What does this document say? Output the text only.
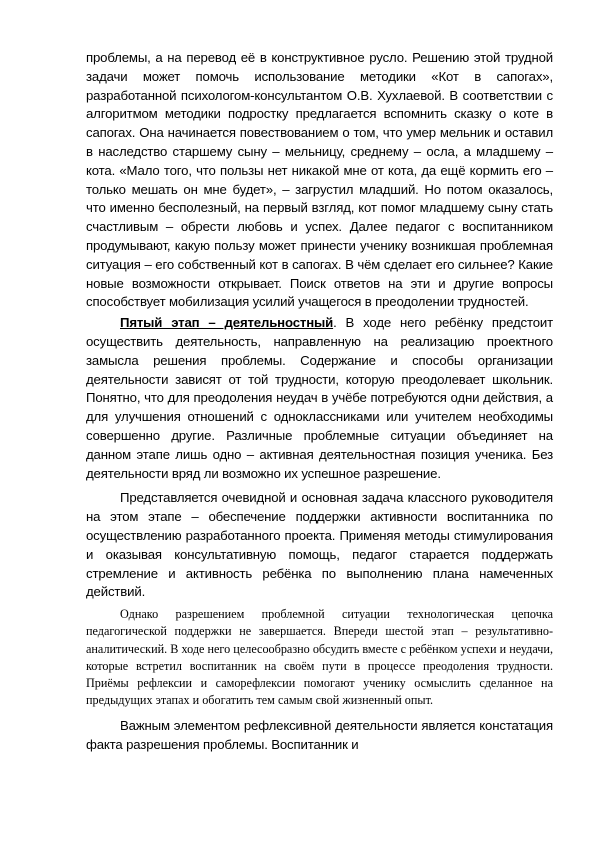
проблемы, а на перевод её в конструктивное русло. Решению этой трудной задачи может помочь использование методики «Кот в сапогах», разработанной психологом-консультантом О.В. Хухлаевой. В соответствии с алгоритмом методики подростку предлагается вспомнить сказку о коте в сапогах. Она начинается повествованием о том, что умер мельник и оставил в наследство старшему сыну – мельницу, среднему – осла, а младшему – кота. «Мало того, что пользы нет никакой мне от кота, да ещё кормить его – только мешать он мне будет», – загрустил младший. Но потом оказалось, что именно бесполезный, на первый взгляд, кот помог младшему сыну стать счастливым – обрести любовь и успех. Далее педагог с воспитанником продумывают, какую пользу может принести ученику возникшая проблемная ситуация – его собственный кот в сапогах. В чём сделает его сильнее? Какие новые возможности открывает. Поиск ответов на эти и другие вопросы способствует мобилизация усилий учащегося в преодолении трудностей.

Пятый этап – деятельностный. В ходе него ребёнку предстоит осуществить деятельность, направленную на реализацию проектного замысла решения проблемы. Содержание и способы организации деятельности зависят от той трудности, которую преодолевает школьник. Понятно, что для преодоления неудач в учёбе потребуются одни действия, а для улучшения отношений с одноклассниками или учителем необходимы совершенно другие. Различные проблемные ситуации объединяет на данном этапе лишь одно – активная деятельностная позиция ученика. Без деятельности вряд ли возможно их успешное разрешение.

Представляется очевидной и основная задача классного руководителя на этом этапе – обеспечение поддержки активности воспитанника по осуществлению разработанного проекта. Применяя методы стимулирования и оказывая консультативную помощь, педагог старается поддержать стремление и активность ребёнка по выполнению плана намеченных действий.

Однако разрешением проблемной ситуации технологическая цепочка педагогической поддержки не завершается. Впереди шестой этап – результативно-аналитический. В ходе него целесообразно обсудить вместе с ребёнком успехи и неудачи, которые встретил воспитанник на своём пути в процессе преодоления трудности. Приёмы рефлексии и саморефлексии помогают ученику осмыслить сделанное на предыдущих этапах и обогатить тем самым свой жизненный опыт.

Важным элементом рефлексивной деятельности является констатация факта разрешения проблемы. Воспитанник и
